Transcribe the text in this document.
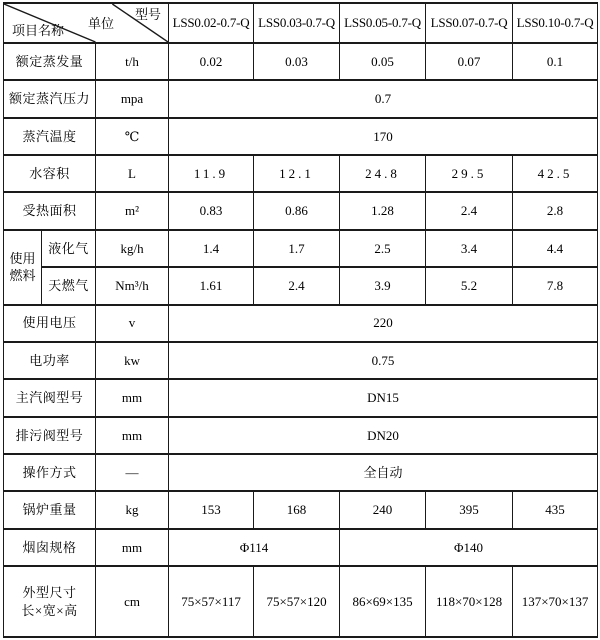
型号
单位
项目名称			LSS0.02-0.7-Q	LSS0.03-0.7-Q	LSS0.05-0.7-Q	LSS0.07-0.7-Q	LSS0.10-0.7-Q
额定蒸发量		t/h	0.02	0.03	0.05	0.07	0.1
额定蒸汽压力		mpa	0.7				
蒸汽温度		℃	170				
水容积		L	11.9	12.1	24.8	29.5	42.5
受热面积		m²	0.83	0.86	1.28	2.4	2.8
使用燃料	液化气	kg/h	1.4	1.7	2.5	3.4	4.4
	天燃气	Nm³/h	1.61	2.4	3.9	5.2	7.8
使用电压		v	220				
电功率		kw	0.75				
主汽阀型号		mm	DN15				
排污阀型号		mm	DN20				
操作方式		—	全自动				
锅炉重量		kg	153	168	240	395	435
烟囱规格		mm	Φ114		Φ140		
外型尺寸
长×宽×高		cm	75×57×117	75×57×120	86×69×135	118×70×128	137×70×137
